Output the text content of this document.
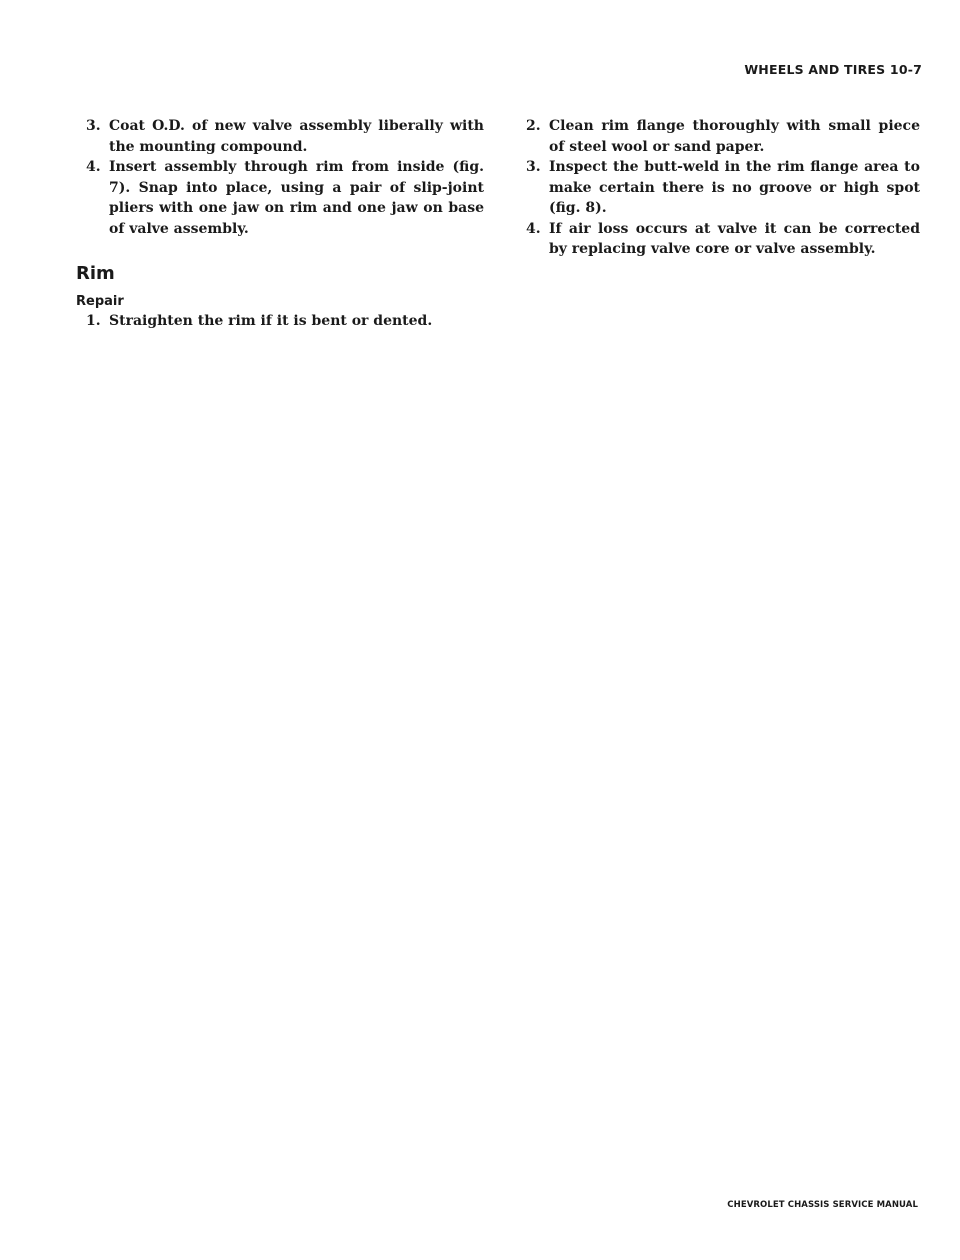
WHEELS AND TIRES 10-7
3. Coat O.D. of new valve assembly liberally with the mounting compound.
4. Insert assembly through rim from inside (fig. 7). Snap into place, using a pair of slip-joint pliers with one jaw on rim and one jaw on base of valve assembly.
Rim
Repair
1. Straighten the rim if it is bent or dented.
2. Clean rim flange thoroughly with small piece of steel wool or sand paper.
3. Inspect the butt-weld in the rim flange area to make certain there is no groove or high spot (fig. 8).
4. If air loss occurs at valve it can be corrected by replacing valve core or valve assembly.
CHEVROLET CHASSIS SERVICE MANUAL
